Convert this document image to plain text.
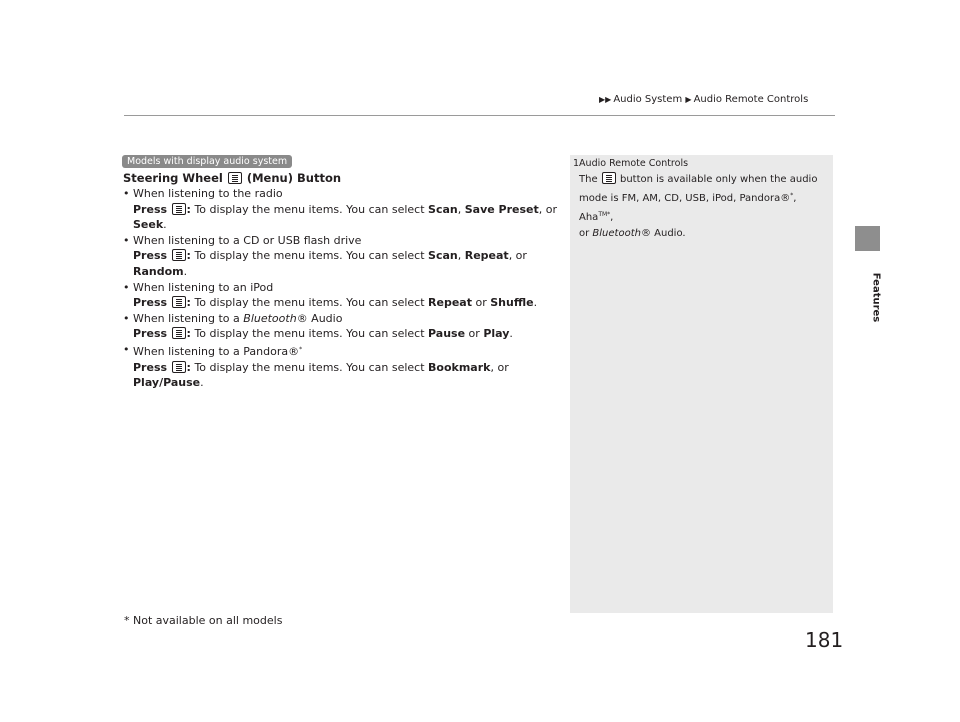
▶▶ Audio System ▶ Audio Remote Controls
Features
Models with display audio system
Steering Wheel (Menu) Button
• When listening to the radio
Press : To display the menu items. You can select Scan, Save Preset, or
Seek.
• When listening to a CD or USB flash drive
Press : To display the menu items. You can select Scan, Repeat, or Random.
• When listening to an iPod
Press : To display the menu items. You can select Repeat or Shuffle.
• When listening to a Bluetooth® Audio
Press : To display the menu items. You can select Pause or Play.
• When listening to a Pandora®*
Press : To display the menu items. You can select Bookmark, or Play/Pause.
1Audio Remote Controls
The button is available only when the audio
mode is FM, AM, CD, USB, iPod, Pandora®*, Aha$^{TM*}$,
or Bluetooth® Audio.
* Not available on all models
181
